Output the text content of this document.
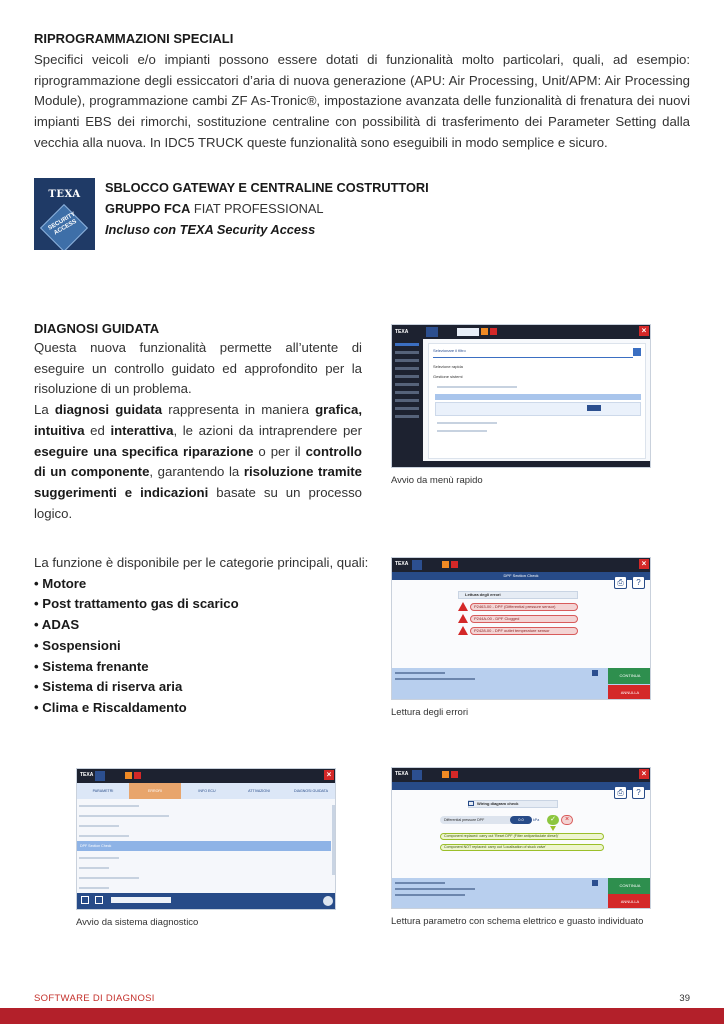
RIPROGRAMMAZIONI SPECIALI

Specifici veicoli e/o impianti possono essere dotati di funzionalità molto particolari, quali, ad esempio: riprogrammazione degli essiccatori d’aria di nuova generazione (APU: Air Processing, Unit/APM: Air Processing Module), programmazione cambi ZF As-Tronic®, impostazione avanzata delle funzionalità di frenatura dei nuovi impianti EBS dei rimorchi, sostituzione centraline con possibilità di trasferimento dei Parameter Setting dalla vecchia alla nuova. In IDC5 TRUCK queste funzionalità sono eseguibili in modo semplice e sicuro.

TEXA
SECURITY ACCESS
SBLOCCO GATEWAY E CENTRALINE COSTRUTTORI
GRUPPO FCA FIAT PROFESSIONAL
Incluso con TEXA Security Access
DIAGNOSI GUIDATA

Questa nuova funzionalità permette all’utente di eseguire un controllo guidato ed approfondito per la risoluzione di un problema.

La diagnosi guidata rappresenta in maniera grafica, intuitiva ed interattiva, le azioni da intraprendere per eseguire una specifica riparazione o per il controllo di un componente, garantendo la risoluzione tramite suggerimenti e indicazioni basate su un processo logico.

La funzione è disponibile per le categorie principali, quali:

• Motore
• Post trattamento gas di scarico
• ADAS
• Sospensioni
• Sistema frenante
• Sistema di riserva aria
• Clima e Riscaldamento
TEXA	×
Selezionare il filtro
Selezione rapida
Gestione sistemi
Avvio da menù rapido
TEXA	×
DPF Section Check
⎙	?
Lettura degli errori
P2463-00 - DPF (Differential pressure sensor)
P244A-00 - DPF Clogged
P2428-00 - DPF outlet temperature sensor
CONTINUA
ANNULLA
Lettura degli errori
TEXA	×
PARAMETRI	ERRORI	INFO ECU	ATTIVAZIONI	DIAGNOSI GUIDATA
DPF Section Check
Avvio da sistema diagnostico
TEXA	×
⎙	?
Wiring diagram check
Differential pressure DPF	0.0	kPa	✓	×
Component replaced: carry out 'Reset DPF (Filter antiparticulate diesel)'
Component NOT replaced: carry out 'Localisation of stuck valve'
CONTINUA
ANNULLA
Lettura parametro con schema elettrico e guasto individuato
SOFTWARE DI DIAGNOSI	39
